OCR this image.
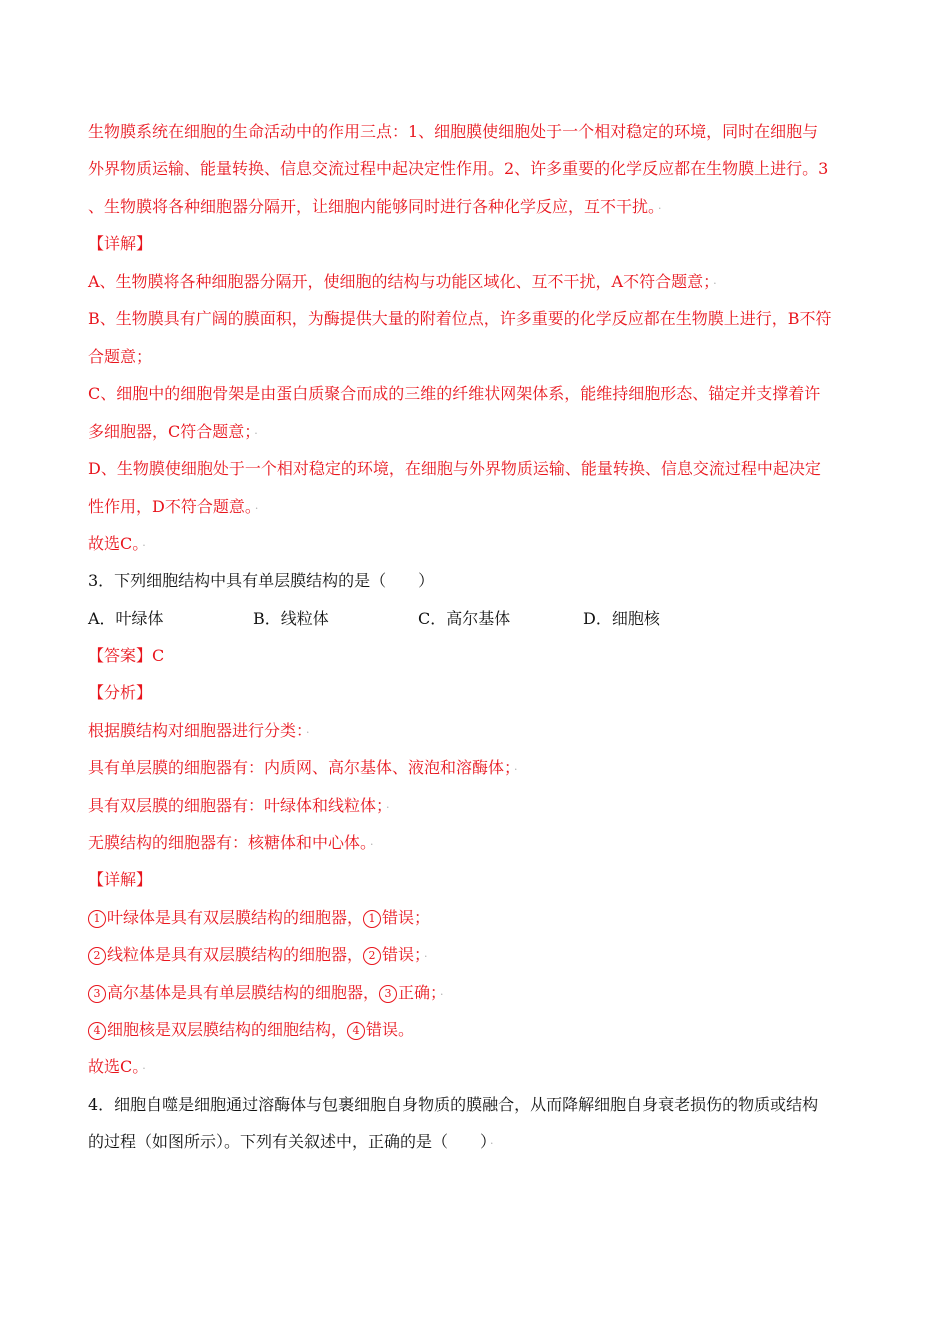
生物膜系统在细胞的生命活动中的作用三点：1、细胞膜使细胞处于一个相对稳定的环境，同时在细胞与
外界物质运输、能量转换、信息交流过程中起决定性作用。2、许多重要的化学反应都在生物膜上进行。3
、生物膜将各种细胞器分隔开，让细胞内能够同时进行各种化学反应，互不干扰。 ·
【详解】
A、生物膜将各种细胞器分隔开，使细胞的结构与功能区域化、互不干扰，A不符合题意； ·
B、生物膜具有广阔的膜面积，为酶提供大量的附着位点，许多重要的化学反应都在生物膜上进行，B不符
合题意；
C、细胞中的细胞骨架是由蛋白质聚合而成的三维的纤维状网架体系，能维持细胞形态、锚定并支撑着许
多细胞器，C符合题意； ·
D、生物膜使细胞处于一个相对稳定的环境，在细胞与外界物质运输、能量转换、信息交流过程中起决定
性作用，D不符合题意。 ·
故选C。 ·
3．下列细胞结构中具有单层膜结构的是（　　）
A．叶绿体	B．线粒体	C．高尔基体	D．细胞核
【答案】C
【分析】
根据膜结构对细胞器进行分类： ·
具有单层膜的细胞器有：内质网、高尔基体、液泡和溶酶体； ·
具有双层膜的细胞器有：叶绿体和线粒体； ·
无膜结构的细胞器有：核糖体和中心体。 ·
【详解】
1 叶绿体是具有双层膜结构的细胞器， 1 错误；
2 线粒体是具有双层膜结构的细胞器， 2 错误； ·
3 高尔基体是具有单层膜结构的细胞器， 3 正确； ·
4 细胞核是双层膜结构的细胞结构， 4 错误。
故选C。 ·
4．细胞自噬是细胞通过溶酶体与包裹细胞自身物质的膜融合，从而降解细胞自身衰老损伤的物质或结构
的过程（如图所示）。下列有关叙述中，正确的是（　　） ·
